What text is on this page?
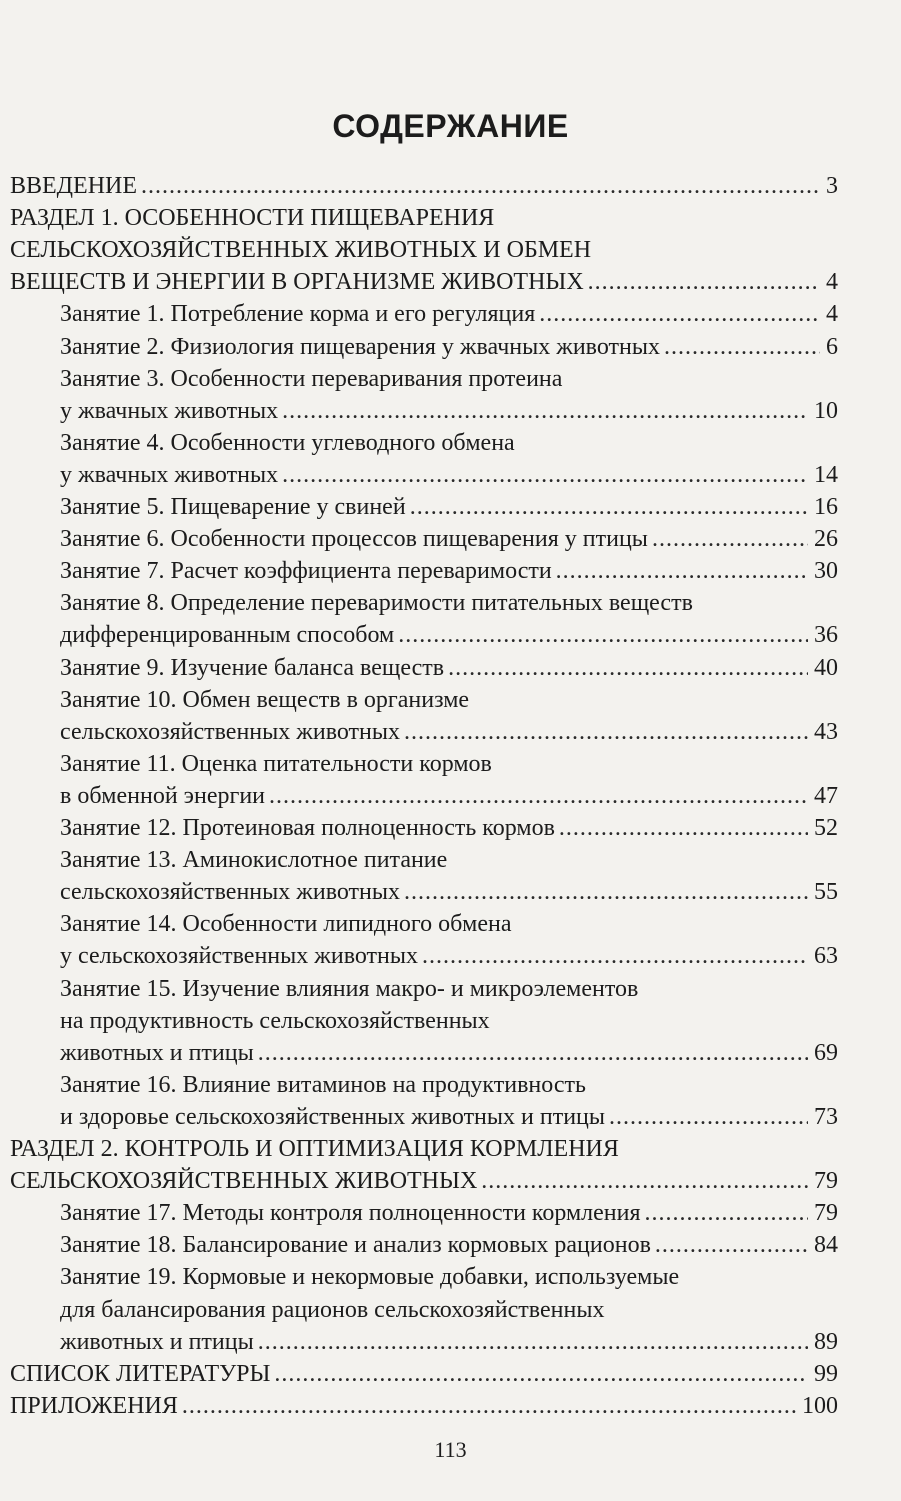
СОДЕРЖАНИЕ
ВВЕДЕНИЕ .....	3
РАЗДЕЛ 1. ОСОБЕННОСТИ ПИЩЕВАРЕНИЯ
СЕЛЬСКОХОЗЯЙСТВЕННЫХ ЖИВОТНЫХ И ОБМЕН
ВЕЩЕСТВ И ЭНЕРГИИ В ОРГАНИЗМЕ ЖИВОТНЫХ .....	4
Занятие 1. Потребление корма и его регуляция .....	4
Занятие 2. Физиология пищеварения у жвачных животных .....	6
Занятие 3. Особенности переваривания протеина
у жвачных животных .....	10
Занятие 4. Особенности углеводного обмена
у жвачных животных .....	14
Занятие 5. Пищеварение у свиней .....	16
Занятие 6. Особенности процессов пищеварения у птицы .....	26
Занятие 7. Расчет коэффициента переваримости .....	30
Занятие 8. Определение переваримости питательных веществ
дифференцированным способом .....	36
Занятие 9. Изучение баланса веществ .....	40
Занятие 10. Обмен веществ в организме
сельскохозяйственных животных .....	43
Занятие 11. Оценка питательности кормов
в обменной энергии .....	47
Занятие 12. Протеиновая полноценность кормов .....	52
Занятие 13. Аминокислотное питание
сельскохозяйственных животных .....	55
Занятие 14. Особенности липидного обмена
у сельскохозяйственных животных .....	63
Занятие 15. Изучение влияния макро- и микроэлементов
на продуктивность сельскохозяйственных
животных и птицы .....	69
Занятие 16. Влияние витаминов на продуктивность
и здоровье сельскохозяйственных животных и птицы .....	73
РАЗДЕЛ 2. КОНТРОЛЬ И ОПТИМИЗАЦИЯ КОРМЛЕНИЯ
СЕЛЬСКОХОЗЯЙСТВЕННЫХ ЖИВОТНЫХ .....	79
Занятие 17. Методы контроля полноценности кормления .....	79
Занятие 18. Балансирование и анализ кормовых рационов .....	84
Занятие 19. Кормовые и некормовые добавки, используемые
для балансирования рационов сельскохозяйственных
животных и птицы .....	89
СПИСОК ЛИТЕРАТУРЫ .....	99
ПРИЛОЖЕНИЯ .....	100
113
